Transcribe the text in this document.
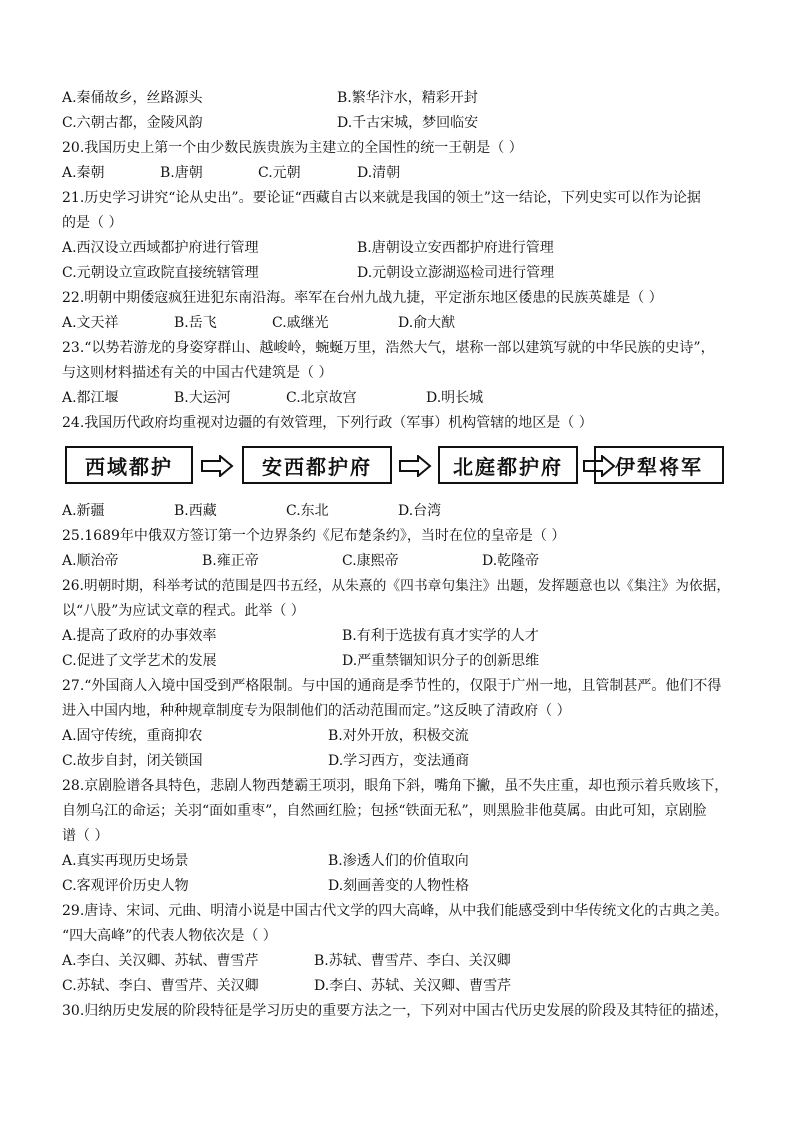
A.秦俑故乡，丝路源头	B.繁华汴水，精彩开封
C.六朝古都，金陵风韵	D.千古宋城，梦回临安
20.我国历史上第一个由少数民族贵族为主建立的全国性的统一王朝是（ ）
A.秦朝	B.唐朝	C.元朝	D.清朝
21.历史学习讲究“论从史出”。要论证“西藏自古以来就是我国的领土”这一结论，下列史实可以作为论据
的是（ ）
A.西汉设立西域都护府进行管理	B.唐朝设立安西都护府进行管理
C.元朝设立宣政院直接统辖管理	D.元朝设立澎湖巡检司进行管理
22.明朝中期倭寇疯狂进犯东南沿海。率军在台州九战九捷，平定浙东地区倭患的民族英雄是（ ）
A.文天祥	B.岳飞	C.戚继光	D.俞大猷
23.“以势若游龙的身姿穿群山、越峻岭，蜿蜒万里，浩然大气，堪称一部以建筑写就的中华民族的史诗”，
与这则材料描述有关的中国古代建筑是（ ）
A.都江堰	B.大运河	C.北京故宫	D.明长城
24.我国历代政府均重视对边疆的有效管理，下列行政（军事）机构管辖的地区是（ ）
西域都护	安西都护府	北庭都护府	伊犁将军
A.新疆	B.西藏	C.东北	D.台湾
25.1689年中俄双方签订第一个边界条约《尼布楚条约》，当时在位的皇帝是（ ）
A.顺治帝	B.雍正帝	C.康熙帝	D.乾隆帝
26.明朝时期，科举考试的范围是四书五经，从朱熹的《四书章句集注》出题，发挥题意也以《集注》为依据，
以“八股”为应试文章的程式。此举（ ）
A.提高了政府的办事效率	B.有利于选拔有真才实学的人才
C.促进了文学艺术的发展	D.严重禁锢知识分子的创新思维
27.“外国商人入境中国受到严格限制。与中国的通商是季节性的，仅限于广州一地，且管制甚严。他们不得
进入中国内地，种种规章制度专为限制他们的活动范围而定。”这反映了清政府（ ）
A.固守传统，重商抑农	B.对外开放，积极交流
C.故步自封，闭关锁国	D.学习西方，变法通商
28.京剧脸谱各具特色，悲剧人物西楚霸王项羽，眼角下斜，嘴角下撇，虽不失庄重，却也预示着兵败垓下，
自刎乌江的命运；关羽“面如重枣”，自然画红脸；包拯“铁面无私”，则黑脸非他莫属。由此可知，京剧脸
谱（ ）
A.真实再现历史场景	B.渗透人们的价值取向
C.客观评价历史人物	D.刻画善变的人物性格
29.唐诗、宋词、元曲、明清小说是中国古代文学的四大高峰，从中我们能感受到中华传统文化的古典之美。
“四大高峰”的代表人物依次是（ ）
A.李白、关汉卿、苏轼、曹雪芹	B.苏轼、曹雪芹、李白、关汉卿
C.苏轼、李白、曹雪芹、关汉卿	D.李白、苏轼、关汉卿、曹雪芹
30.归纳历史发展的阶段特征是学习历史的重要方法之一，下列对中国古代历史发展的阶段及其特征的描述，
